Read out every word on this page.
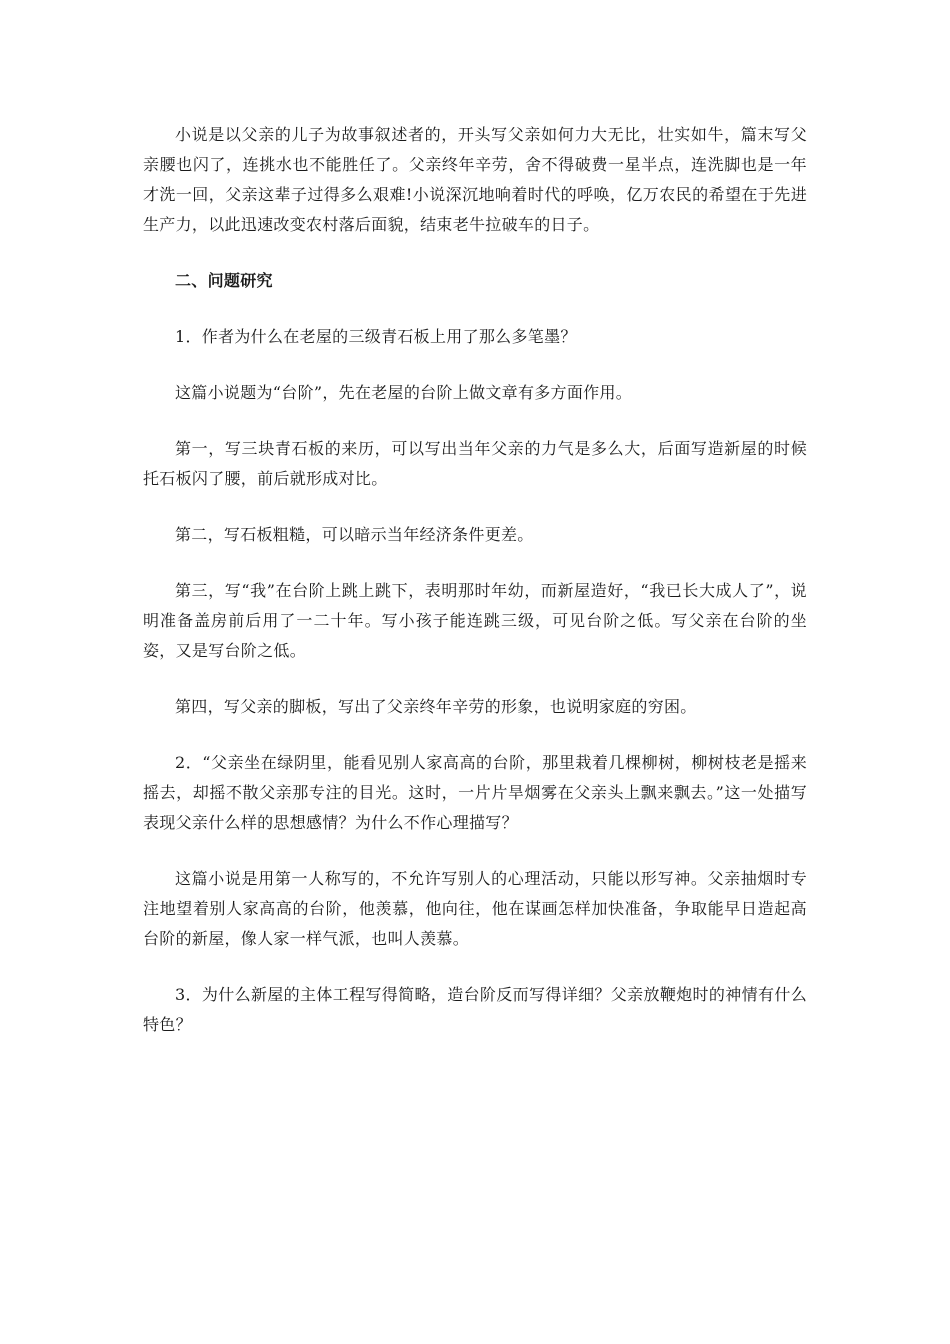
小说是以父亲的儿子为故事叙述者的，开头写父亲如何力大无比，壮实如牛，篇末写父亲腰也闪了，连挑水也不能胜任了。父亲终年辛劳，舍不得破费一星半点，连洗脚也是一年才洗一回，父亲这辈子过得多么艰难!小说深沉地响着时代的呼唤，亿万农民的希望在于先进生产力，以此迅速改变农村落后面貌，结束老牛拉破车的日子。

二、问题研究

1．作者为什么在老屋的三级青石板上用了那么多笔墨？

这篇小说题为“台阶”，先在老屋的台阶上做文章有多方面作用。

第一，写三块青石板的来历，可以写出当年父亲的力气是多么大，后面写造新屋的时候托石板闪了腰，前后就形成对比。

第二，写石板粗糙，可以暗示当年经济条件更差。

第三，写“我”在台阶上跳上跳下，表明那时年幼，而新屋造好，“我已长大成人了”，说明准备盖房前后用了一二十年。写小孩子能连跳三级，可见台阶之低。写父亲在台阶的坐姿，又是写台阶之低。

第四，写父亲的脚板，写出了父亲终年辛劳的形象，也说明家庭的穷困。

2．“父亲坐在绿阴里，能看见别人家高高的台阶，那里栽着几棵柳树，柳树枝老是摇来摇去，却摇不散父亲那专注的目光。这时，一片片旱烟雾在父亲头上飘来飘去。”这一处描写表现父亲什么样的思想感情？为什么不作心理描写？

这篇小说是用第一人称写的，不允许写别人的心理活动，只能以形写神。父亲抽烟时专注地望着别人家高高的台阶，他羡慕，他向往，他在谋画怎样加快准备，争取能早日造起高台阶的新屋，像人家一样气派，也叫人羡慕。

3．为什么新屋的主体工程写得简略，造台阶反而写得详细？父亲放鞭炮时的神情有什么特色？
